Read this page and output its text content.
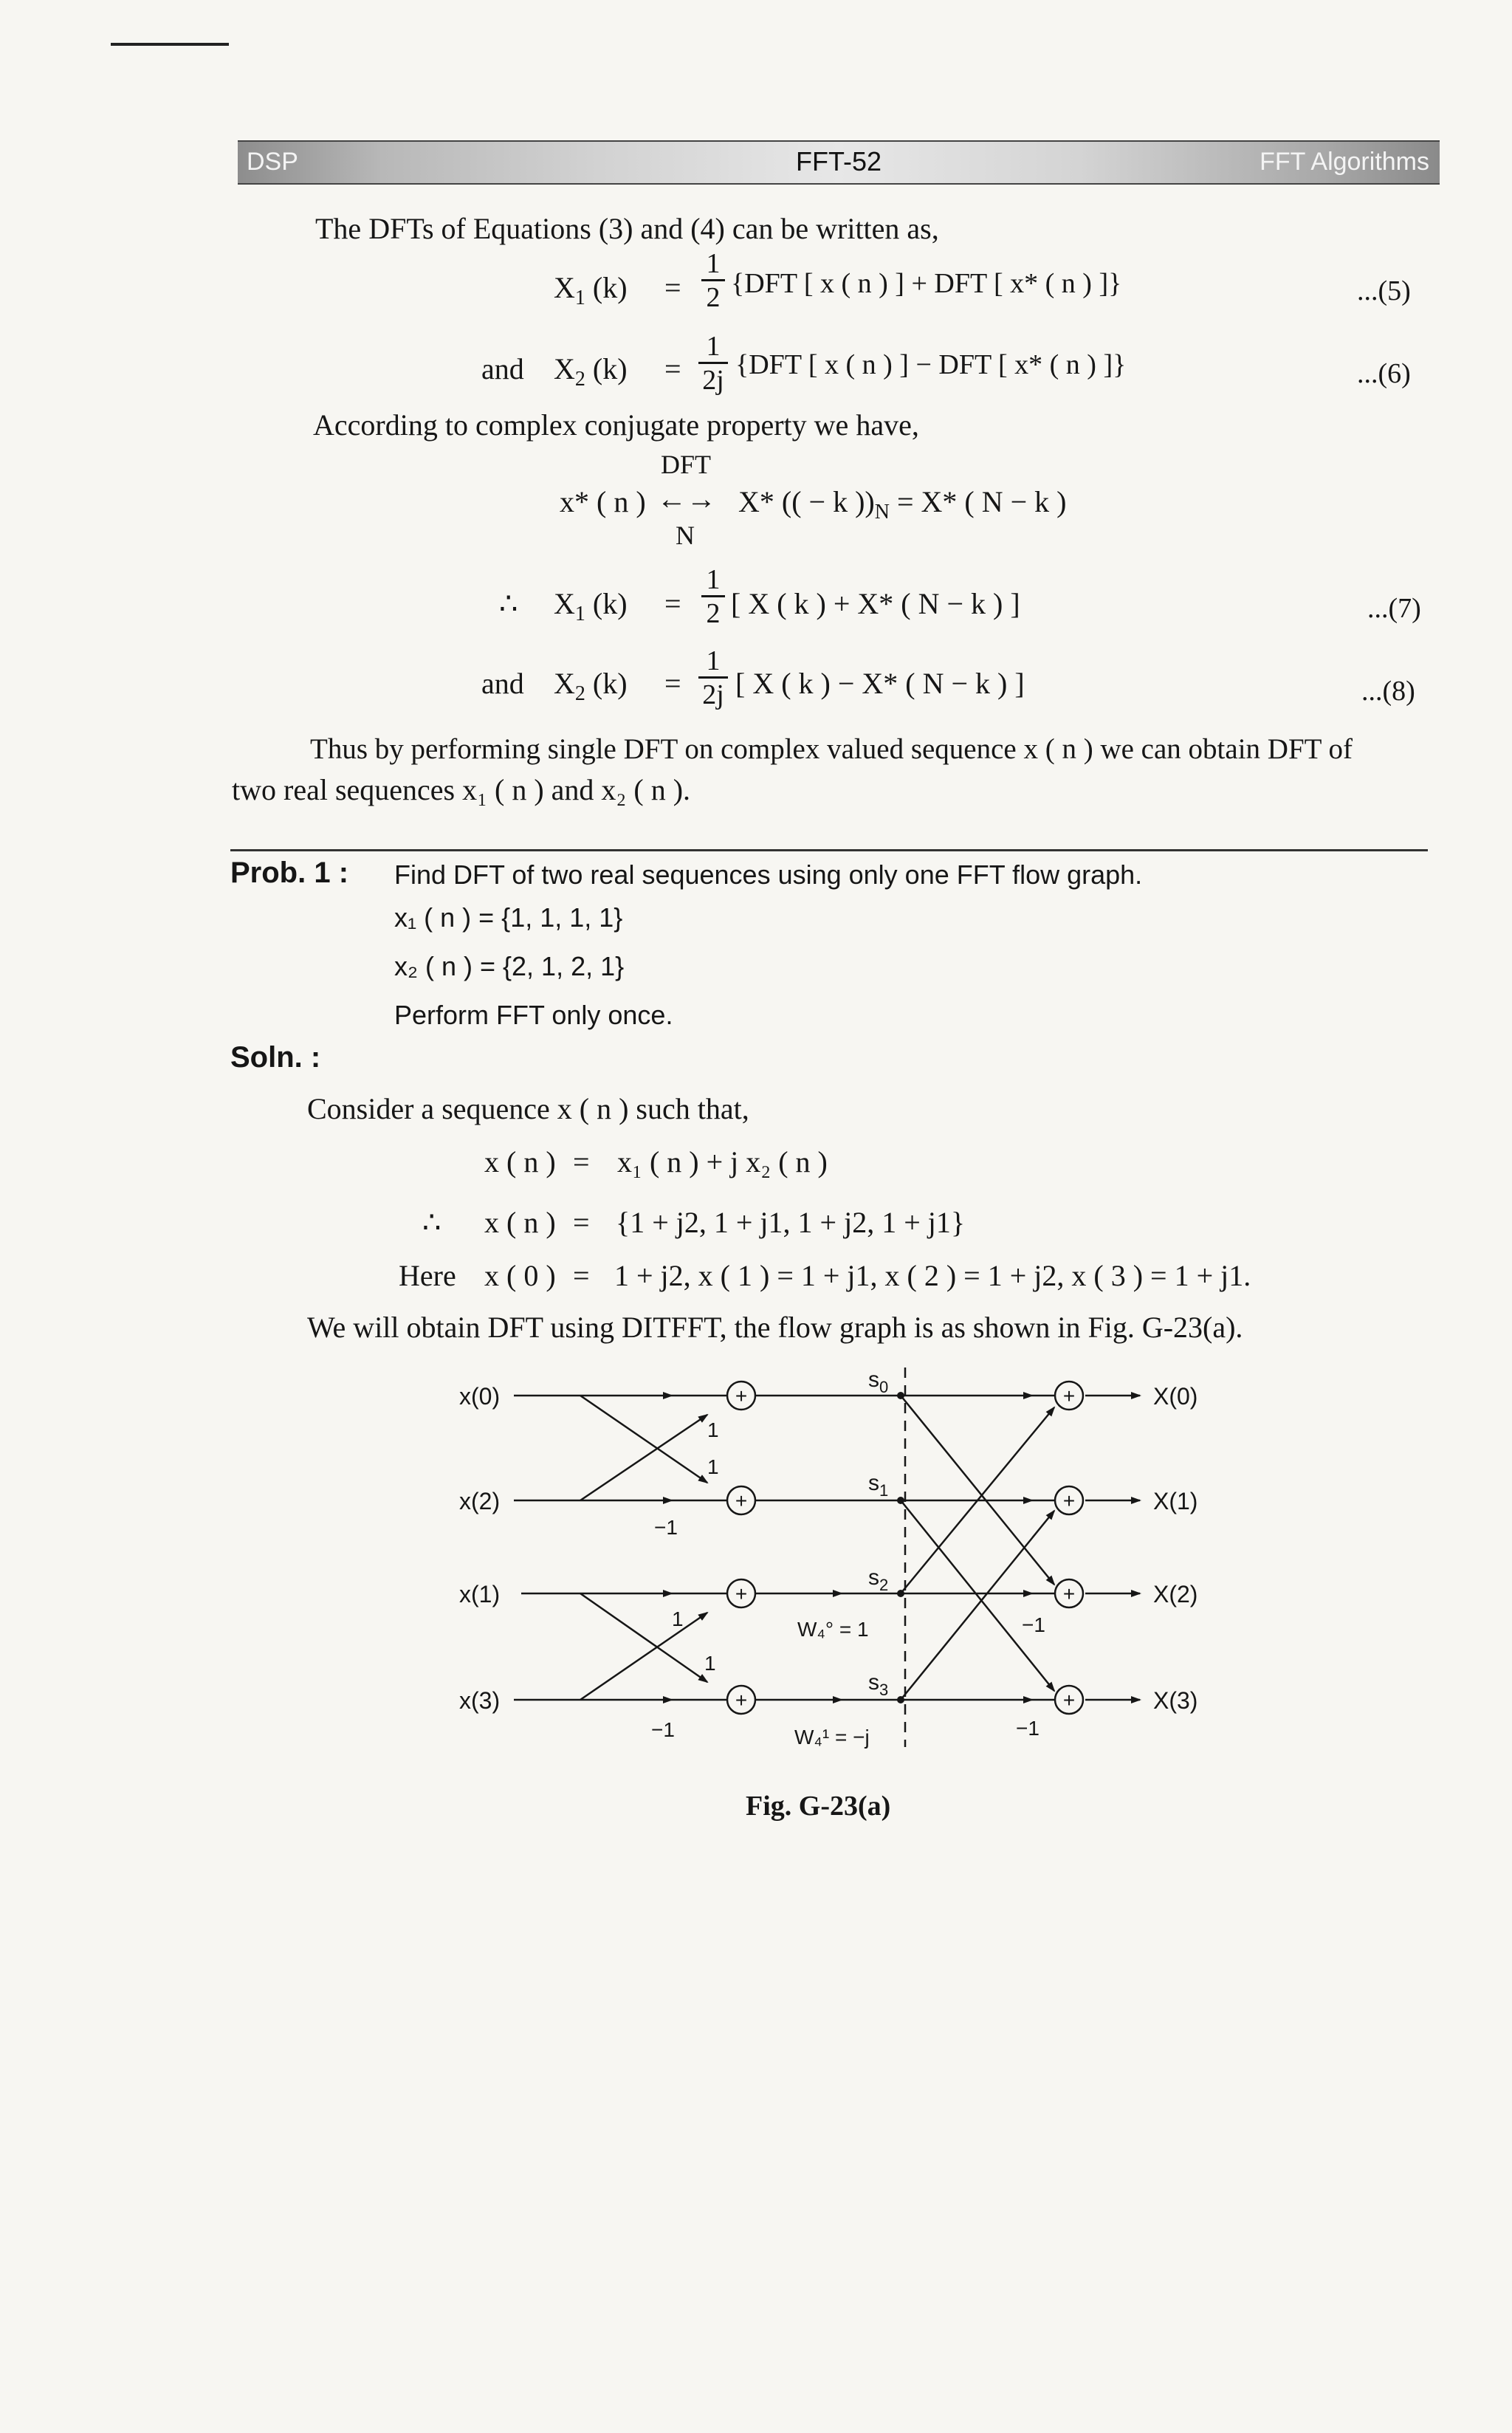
DSP	FFT-52	FFT Algorithms
The DFTs of Equations (3) and (4) can be written as,
$X_1$ (k) =
1
2 {DFT [ x ( n ) ] + DFT [ x* ( n ) ]}	...(5)
and $X_2$ (k) =
1
2j {DFT [ x ( n ) ] − DFT [ x* ( n ) ]}	...(6)
According to complex conjugate property we have,
DFT
x* ( n ) ←→ X* (( − k ))$_N = X*$ ( N − k )
N
∴ $X_1$ (k) =
1
2 [ X ( k ) + X* ( N − k ) ]	...(7)
and $X_2$ (k) =
1
2j [ X ( k ) − X* ( N − k ) ]	...(8)
Thus by performing single DFT on complex valued sequence x ( n ) we can obtain DFT of
two real sequences x₁ ( n ) and x₂ ( n ).
Prob. 1 : Find DFT of two real sequences using only one FFT flow graph.
x₁ ( n ) = {1, 1, 1, 1}
x₂ ( n ) = {2, 1, 2, 1}
Perform FFT only once.
Soln. :
Consider a sequence x ( n ) such that,
x ( n ) = x₁ ( n ) + j x₂ ( n )
∴ x ( n ) = {1 + j2, 1 + j1, 1 + j2, 1 + j1}
Here x ( 0 ) = 1 + j2, x ( 1 ) = 1 + j1, x ( 2 ) = 1 + j2, x ( 3 ) = 1 + j1.
We will obtain DFT using DITFFT, the flow graph is as shown in Fig. G-23(a).
+
+
+
+
+
+
+
+
x(0)
x(2)
x(1)
x(3)
X(0)
X(1)
X(2)
X(3)
$s_0$
$s_1$
$s_2$
$s_3$
1
1
−1
1
1
−1
−1
−1
W₄° = 1
W₄¹ = −j
Fig. G-23(a)
